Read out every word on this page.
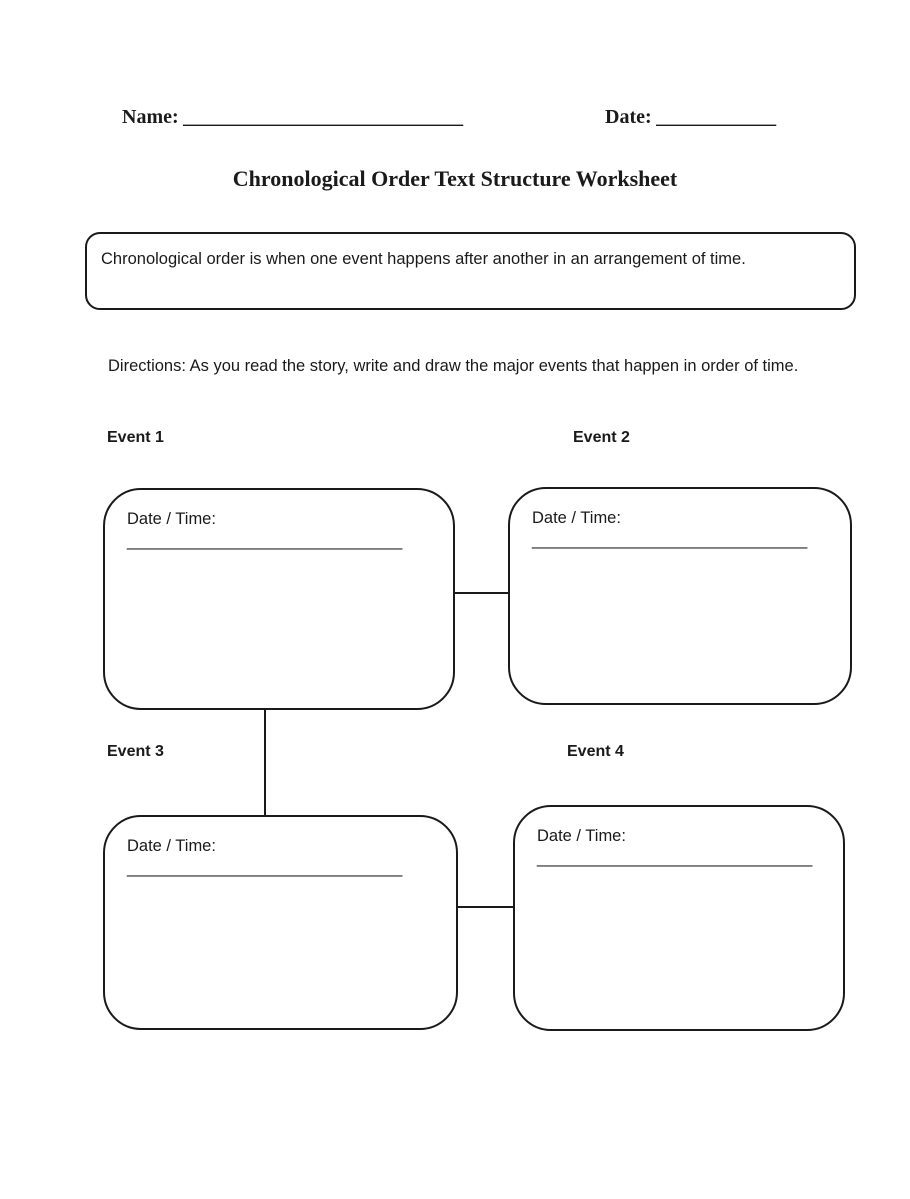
Name: ____________________________	Date: ____________
Chronological Order Text Structure Worksheet

Chronological order is when one event happens after another in an arrangement of time.

Directions: As you read the story, write and draw the major events that happen in order of time.

Event 1	Event 2

Event 3	Event 4

Date / Time:

______________________________

Date / Time:

______________________________

Date / Time:

______________________________

Date / Time:

______________________________
